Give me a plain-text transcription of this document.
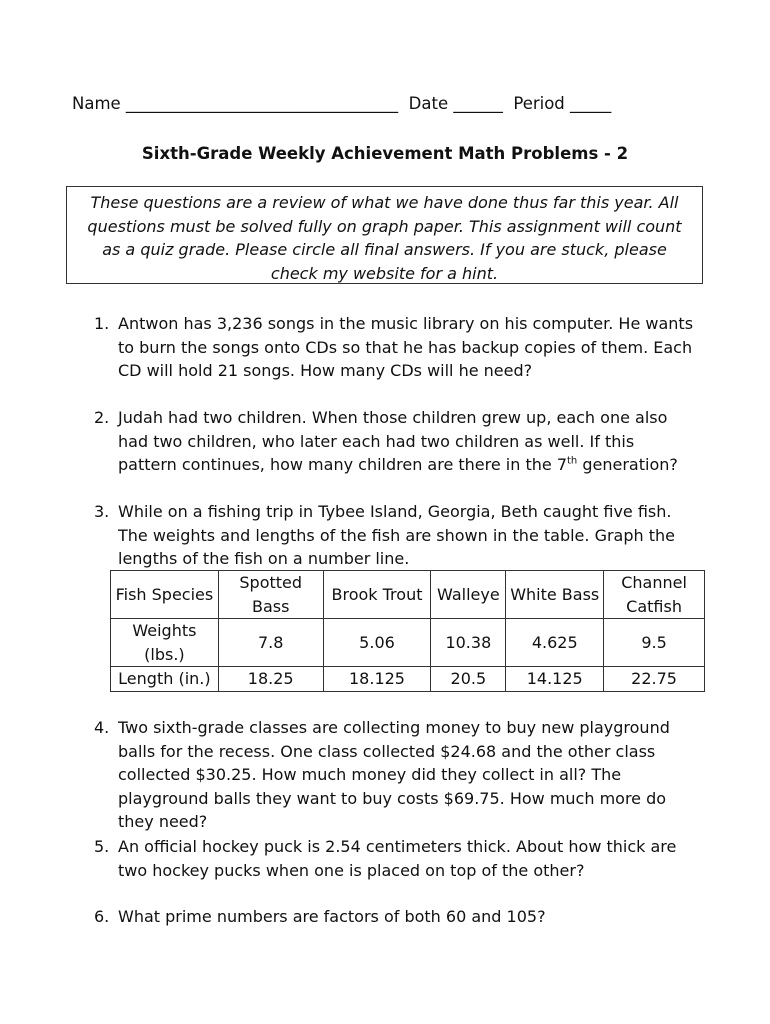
Name _________________________________  Date ______  Period _____
Sixth-Grade Weekly Achievement Math Problems - 2

These questions are a review of what we have done thus far this year. All questions must be solved fully on graph paper. This assignment will count as a quiz grade. Please circle all final answers. If you are stuck, please check my website for a hint.

1. Antwon has 3,236 songs in the music library on his computer. He wants to burn the songs onto CDs so that he has backup copies of them. Each CD will hold 21 songs. How many CDs will he need?
2. Judah had two children. When those children grew up, each one also had two children, who later each had two children as well. If this pattern continues, how many children are there in the 7th generation?
3. While on a fishing trip in Tybee Island, Georgia, Beth caught five fish. The weights and lengths of the fish are shown in the table. Graph the lengths of the fish on a number line.
Fish Species	Spotted Bass	Brook Trout	Walleye	White Bass	Channel Catfish
Weights (lbs.)	7.8	5.06	10.38	4.625	9.5
Length (in.)	18.25	18.125	20.5	14.125	22.75
4. Two sixth-grade classes are collecting money to buy new playground balls for the recess. One class collected $24.68 and the other class collected $30.25. How much money did they collect in all? The playground balls they want to buy costs $69.75. How much more do they need?
5. An official hockey puck is 2.54 centimeters thick. About how thick are two hockey pucks when one is placed on top of the other?
6. What prime numbers are factors of both 60 and 105?
